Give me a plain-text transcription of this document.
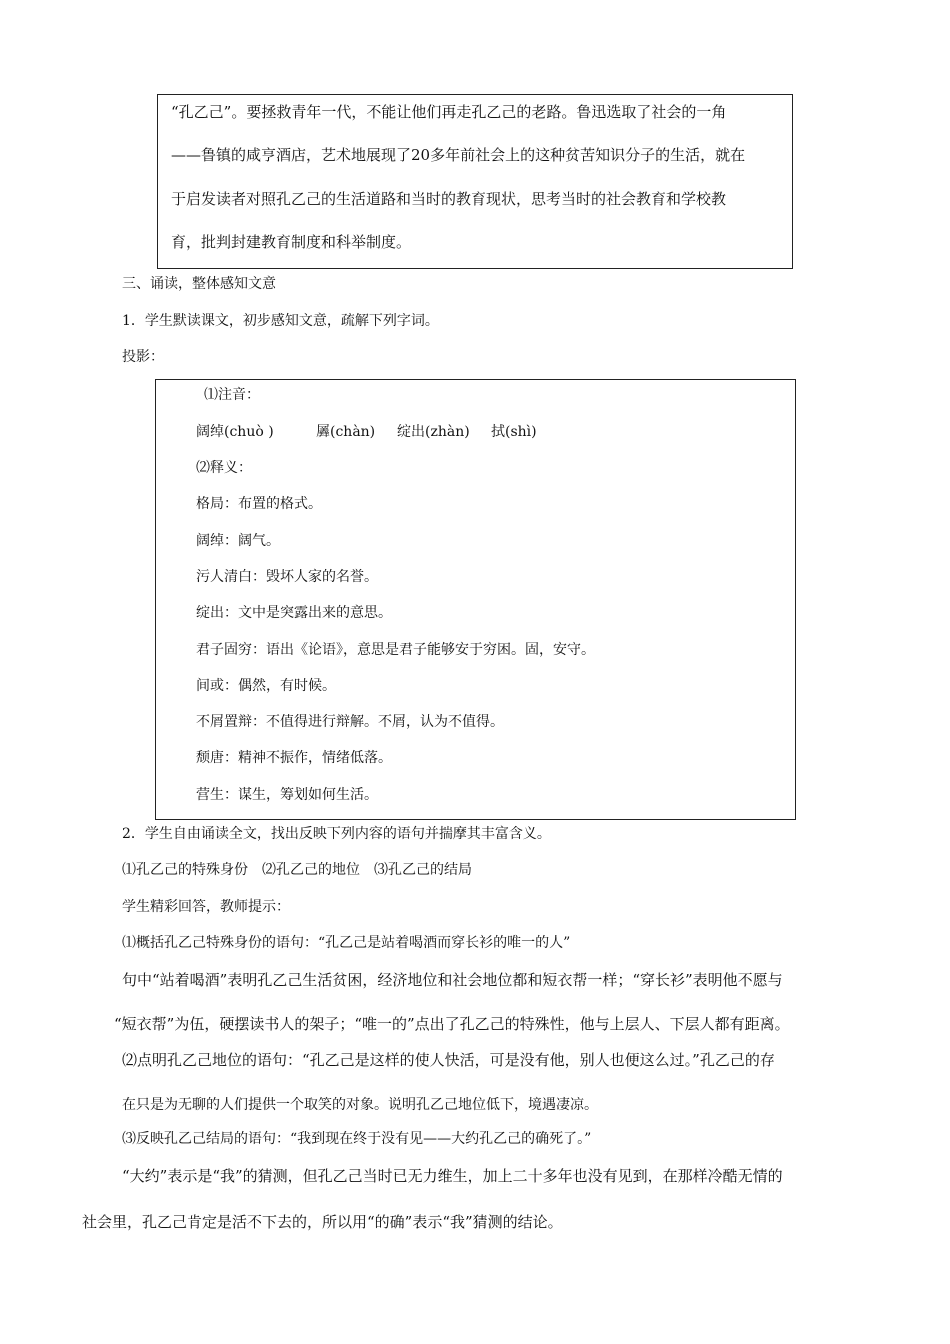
“孔乙己”。要拯救青年一代，不能让他们再走孔乙己的老路。鲁迅选取了社会的一角
——鲁镇的咸亨酒店，艺术地展现了20多年前社会上的这种贫苦知识分子的生活，就在
于启发读者对照孔乙己的生活道路和当时的教育现状，思考当时的社会教育和学校教
育，批判封建教育制度和科举制度。
三、诵读，整体感知文意
1．学生默读课文，初步感知文意，疏解下列字词。
投影：
⑴注音：
阔绰(chuò )	羼(chàn) 绽出(zhàn) 拭(shì)
⑵释义：
格局：布置的格式。
阔绰：阔气。
污人清白：毁坏人家的名誉。
绽出：文中是突露出来的意思。
君子固穷：语出《论语》，意思是君子能够安于穷困。固，安守。
间或：偶然，有时候。
不屑置辩：不值得进行辩解。不屑，认为不值得。
颓唐：精神不振作，情绪低落。
营生：谋生，筹划如何生活。
2．学生自由诵读全文，找出反映下列内容的语句并揣摩其丰富含义。
⑴孔乙己的特殊身份　⑵孔乙己的地位　⑶孔乙己的结局
学生精彩回答，教师提示：
⑴概括孔乙己特殊身份的语句：“孔乙己是站着喝酒而穿长衫的唯一的人”
句中“站着喝酒”表明孔乙己生活贫困，经济地位和社会地位都和短衣帮一样；“穿长衫”表明他不愿与
“短衣帮”为伍，硬摆读书人的架子；“唯一的”点出了孔乙己的特殊性，他与上层人、下层人都有距离。
⑵点明孔乙己地位的语句：“孔乙己是这样的使人快活，可是没有他，别人也便这么过。”孔乙己的存
在只是为无聊的人们提供一个取笑的对象。说明孔乙己地位低下，境遇凄凉。
⑶反映孔乙己结局的语句：“我到现在终于没有见——大约孔乙己的确死了。”
“大约”表示是“我”的猜测，但孔乙己当时已无力维生，加上二十多年也没有见到，在那样冷酷无情的
社会里，孔乙己肯定是活不下去的，所以用“的确”表示“我”猜测的结论。
